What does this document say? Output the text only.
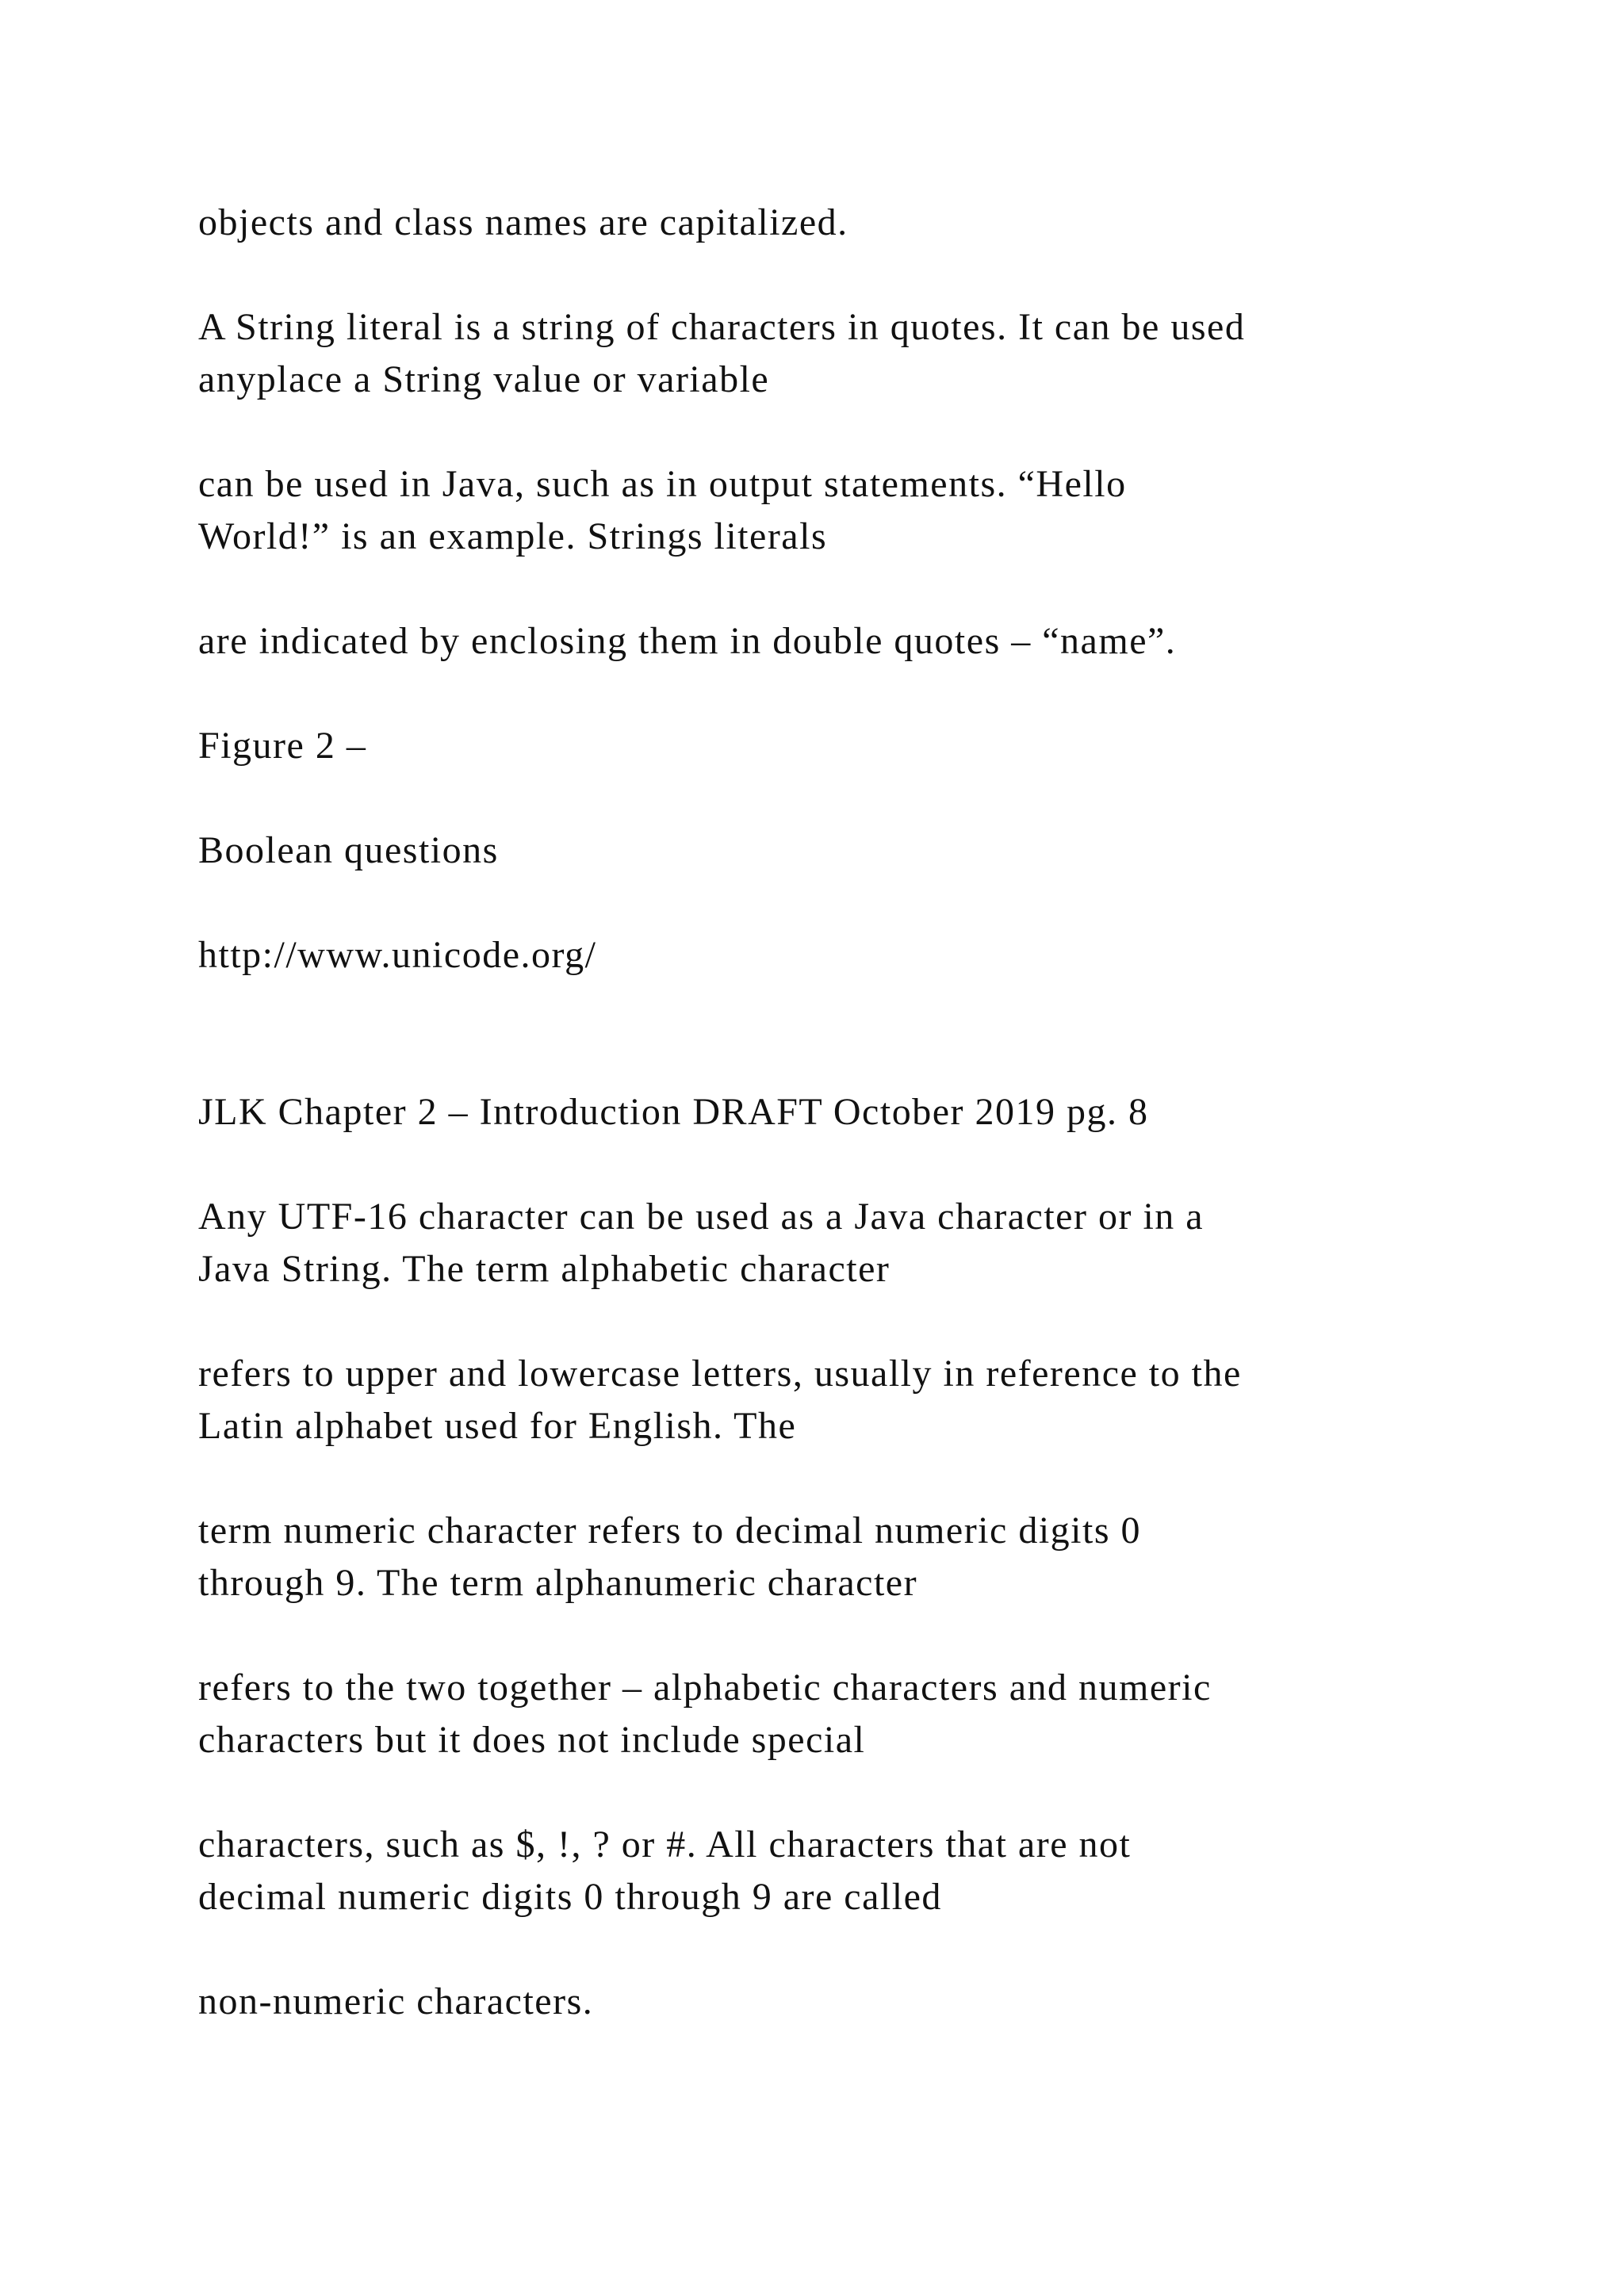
objects and class names are capitalized.

A String literal is a string of characters in quotes. It can be used
anyplace a String value or variable

can be used in Java, such as in output statements. “Hello
World!” is an example. Strings literals

are indicated by enclosing them in double quotes – “name”.

Figure 2 –

Boolean questions

http://www.unicode.org/

JLK Chapter 2 – Introduction DRAFT October 2019 pg. 8

Any UTF-16 character can be used as a Java character or in a
Java String. The term alphabetic character

refers to upper and lowercase letters, usually in reference to the
Latin alphabet used for English. The

term numeric character refers to decimal numeric digits 0
through 9. The term alphanumeric character

refers to the two together – alphabetic characters and numeric
characters but it does not include special

characters, such as $, !, ? or #. All characters that are not
decimal numeric digits 0 through 9 are called

non-numeric characters.
